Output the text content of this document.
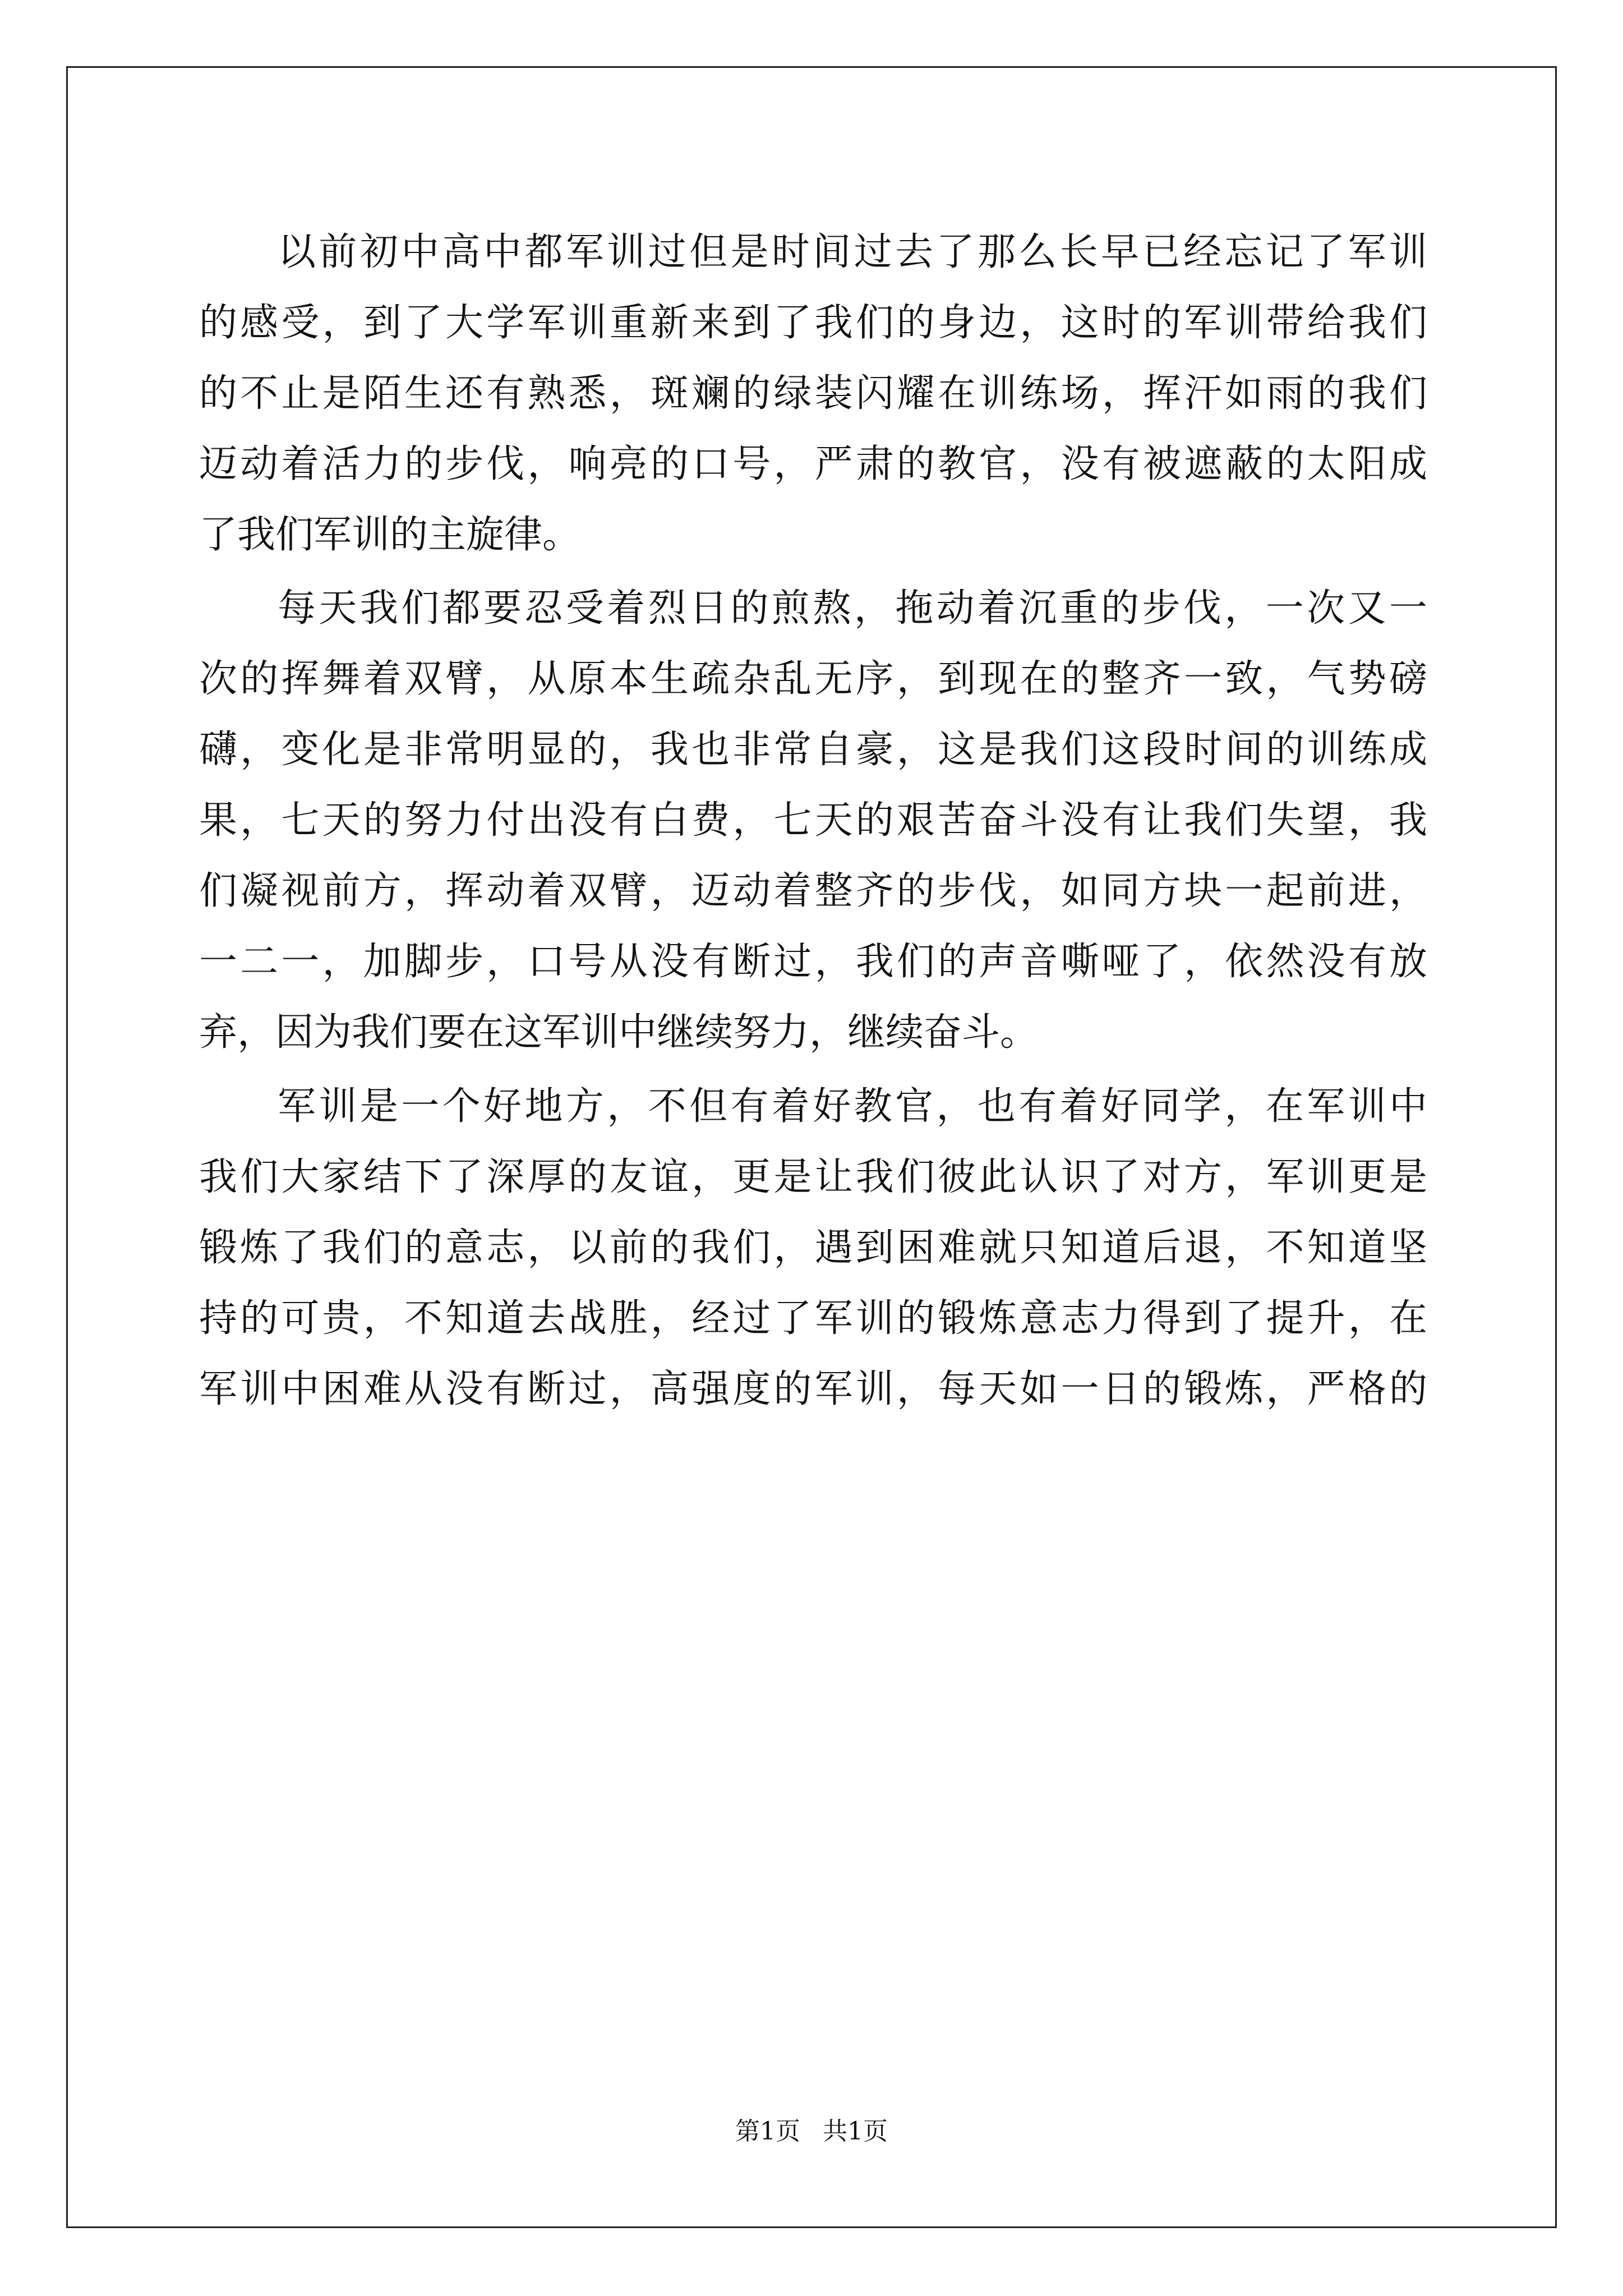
以前初中高中都军训过但是时间过去了那么长早已经忘记了军训
的感受，到了大学军训重新来到了我们的身边，这时的军训带给我们
的不止是陌生还有熟悉，斑斓的绿装闪耀在训练场，挥汗如雨的我们
迈动着活力的步伐，响亮的口号，严肃的教官，没有被遮蔽的太阳成
了我们军训的主旋律。
每天我们都要忍受着烈日的煎熬，拖动着沉重的步伐，一次又一
次的挥舞着双臂，从原本生疏杂乱无序，到现在的整齐一致，气势磅
礴，变化是非常明显的，我也非常自豪，这是我们这段时间的训练成
果，七天的努力付出没有白费，七天的艰苦奋斗没有让我们失望，我
们凝视前方，挥动着双臂，迈动着整齐的步伐，如同方块一起前进，
一二一，加脚步，口号从没有断过，我们的声音嘶哑了，依然没有放
弃，因为我们要在这军训中继续努力，继续奋斗。
军训是一个好地方，不但有着好教官，也有着好同学，在军训中
我们大家结下了深厚的友谊，更是让我们彼此认识了对方，军训更是
锻炼了我们的意志，以前的我们，遇到困难就只知道后退，不知道坚
持的可贵，不知道去战胜，经过了军训的锻炼意志力得到了提升，在
军训中困难从没有断过，高强度的军训，每天如一日的锻炼，严格的
第1页 共1页
